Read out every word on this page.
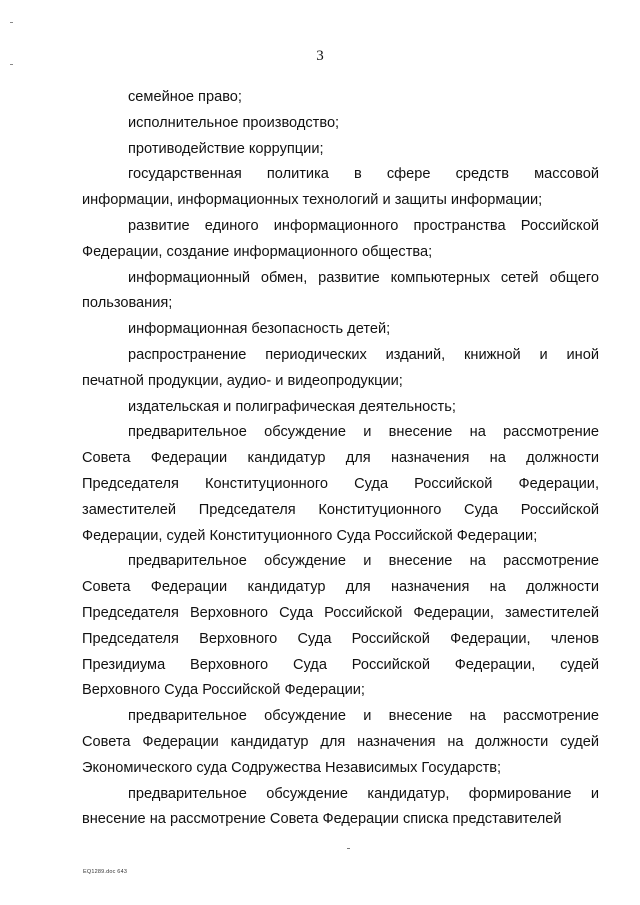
3
семейное право;
исполнительное производство;
противодействие коррупции;
государственная политика в сфере средств массовой
информации, информационных технологий и защиты информации;
развитие единого информационного пространства Российской
Федерации, создание информационного общества;
информационный обмен, развитие компьютерных сетей общего
пользования;
информационная безопасность детей;
распространение периодических изданий, книжной и иной
печатной продукции, аудио- и видеопродукции;
издательская и полиграфическая деятельность;
предварительное обсуждение и внесение на рассмотрение
Совета Федерации кандидатур для назначения на должности
Председателя Конституционного Суда Российской Федерации,
заместителей Председателя Конституционного Суда Российской
Федерации, судей Конституционного Суда Российской Федерации;
предварительное обсуждение и внесение на рассмотрение
Совета Федерации кандидатур для назначения на должности
Председателя Верховного Суда Российской Федерации, заместителей
Председателя Верховного Суда Российской Федерации, членов
Президиума Верховного Суда Российской Федерации, судей
Верховного Суда Российской Федерации;
предварительное обсуждение и внесение на рассмотрение
Совета Федерации кандидатур для назначения на должности судей
Экономического суда Содружества Независимых Государств;
предварительное обсуждение кандидатур, формирование и
внесение на рассмотрение Совета Федерации списка представителей
EQ1289.doc 643
